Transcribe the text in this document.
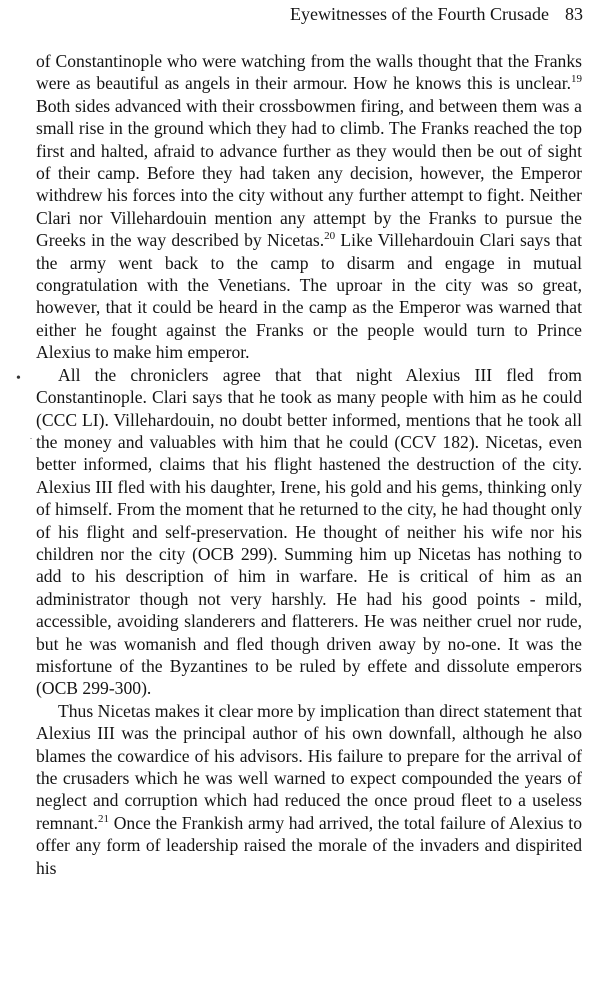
Eyewitnesses of the Fourth Crusade 83
•
.

of Constantinople who were watching from the walls thought that the Franks were as beautiful as angels in their armour. How he knows this is unclear.$^{19}$ Both sides advanced with their crossbowmen firing, and between them was a small rise in the ground which they had to climb. The Franks reached the top first and halted, afraid to advance further as they would then be out of sight of their camp. Before they had taken any decision, however, the Emperor withdrew his forces into the city without any further attempt to fight. Neither Clari nor Villehardouin mention any attempt by the Franks to pursue the Greeks in the way described by Nicetas.$^{20}$ Like Villehardouin Clari says that the army went back to the camp to disarm and engage in mutual congratulation with the Venetians. The uproar in the city was so great, however, that it could be heard in the camp as the Emperor was warned that either he fought against the Franks or the people would turn to Prince Alexius to make him emperor.

All the chroniclers agree that that night Alexius III fled from Constantinople. Clari says that he took as many people with him as he could (CCC LI). Villehardouin, no doubt better informed, mentions that he took all the money and valuables with him that he could (CCV 182). Nicetas, even better informed, claims that his flight hastened the destruction of the city. Alexius III fled with his daughter, Irene, his gold and his gems, thinking only of himself. From the moment that he returned to the city, he had thought only of his flight and self-preservation. He thought of neither his wife nor his children nor the city (OCB 299). Summing him up Nicetas has nothing to add to his description of him in warfare. He is critical of him as an administrator though not very harshly. He had his good points - mild, accessible, avoiding slanderers and flatterers. He was neither cruel nor rude, but he was womanish and fled though driven away by no-one. It was the misfortune of the Byzantines to be ruled by effete and dissolute emperors (OCB 299-300).

Thus Nicetas makes it clear more by implication than direct statement that Alexius III was the principal author of his own downfall, although he also blames the cowardice of his advisors. His failure to prepare for the arrival of the crusaders which he was well warned to expect compounded the years of neglect and corruption which had reduced the once proud fleet to a useless remnant.$^{21}$ Once the Frankish army had arrived, the total failure of Alexius to offer any form of leadership raised the morale of the invaders and dispirited his
